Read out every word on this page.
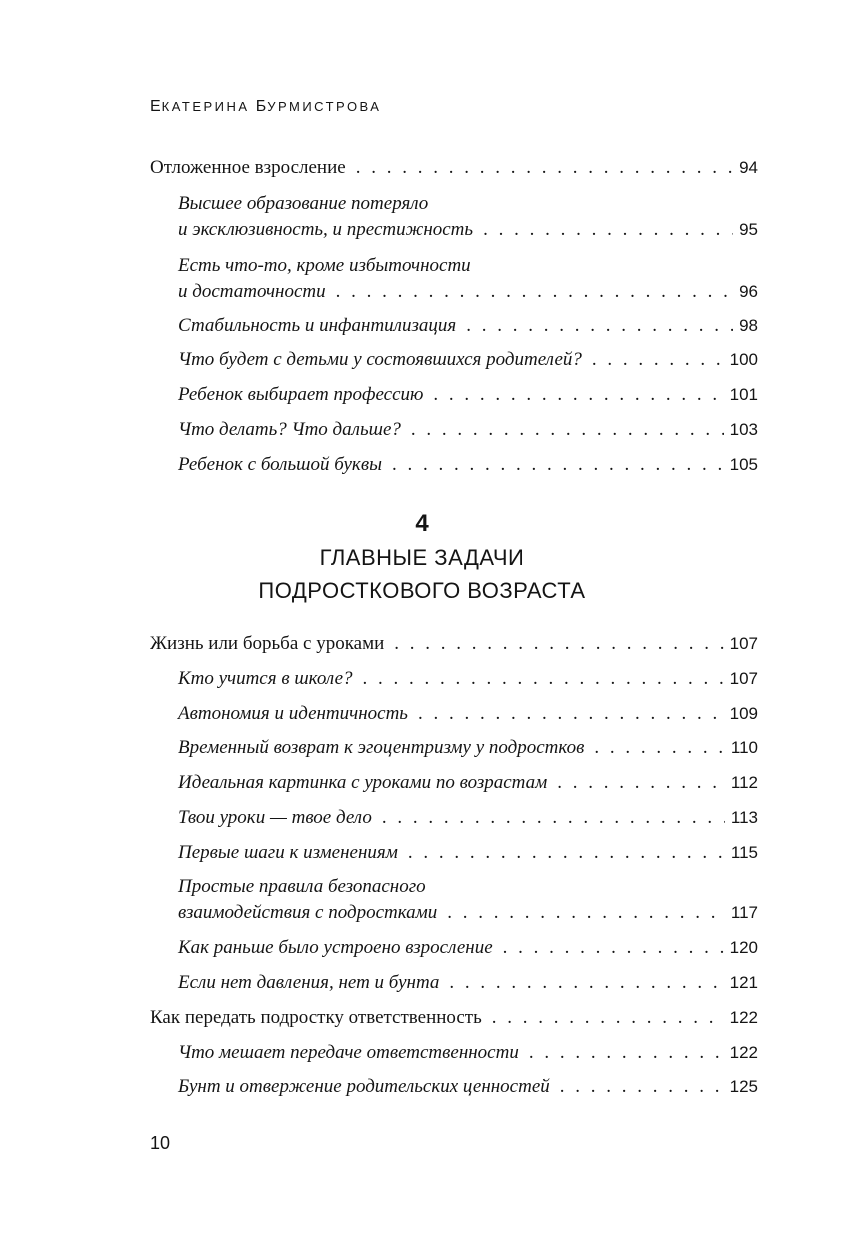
ЕКАТЕРИНА БУРМИСТРОВА
Отложенное взросление . . .	94
Высшее образование потеряло
и эксклюзивность, и престижность . . .	95
Есть что-то, кроме избыточности
и достаточности . . .	96
Стабильность и инфантилизация . . .	98
Что будет с детьми у состоявшихся родителей? . . .	100
Ребенок выбирает профессию . . .	101
Что делать? Что дальше? . . .	103
Ребенок с большой буквы . . .	105
4
ГЛАВНЫЕ ЗАДАЧИ
ПОДРОСТКОВОГО ВОЗРАСТА
Жизнь или борьба с уроками . . .	107
Кто учится в школе? . . .	107
Автономия и идентичность . . .	109
Временный возврат к эгоцентризму у подростков . . .	110
Идеальная картинка с уроками по возрастам . . .	112
Твои уроки — твое дело . . .	113
Первые шаги к изменениям . . .	115
Простые правила безопасного
взаимодействия с подростками . . .	117
Как раньше было устроено взросление . . .	120
Если нет давления, нет и бунта . . .	121
Как передать подростку ответственность . . .	122
Что мешает передаче ответственности . . .	122
Бунт и отвержение родительских ценностей . . .	125
10
